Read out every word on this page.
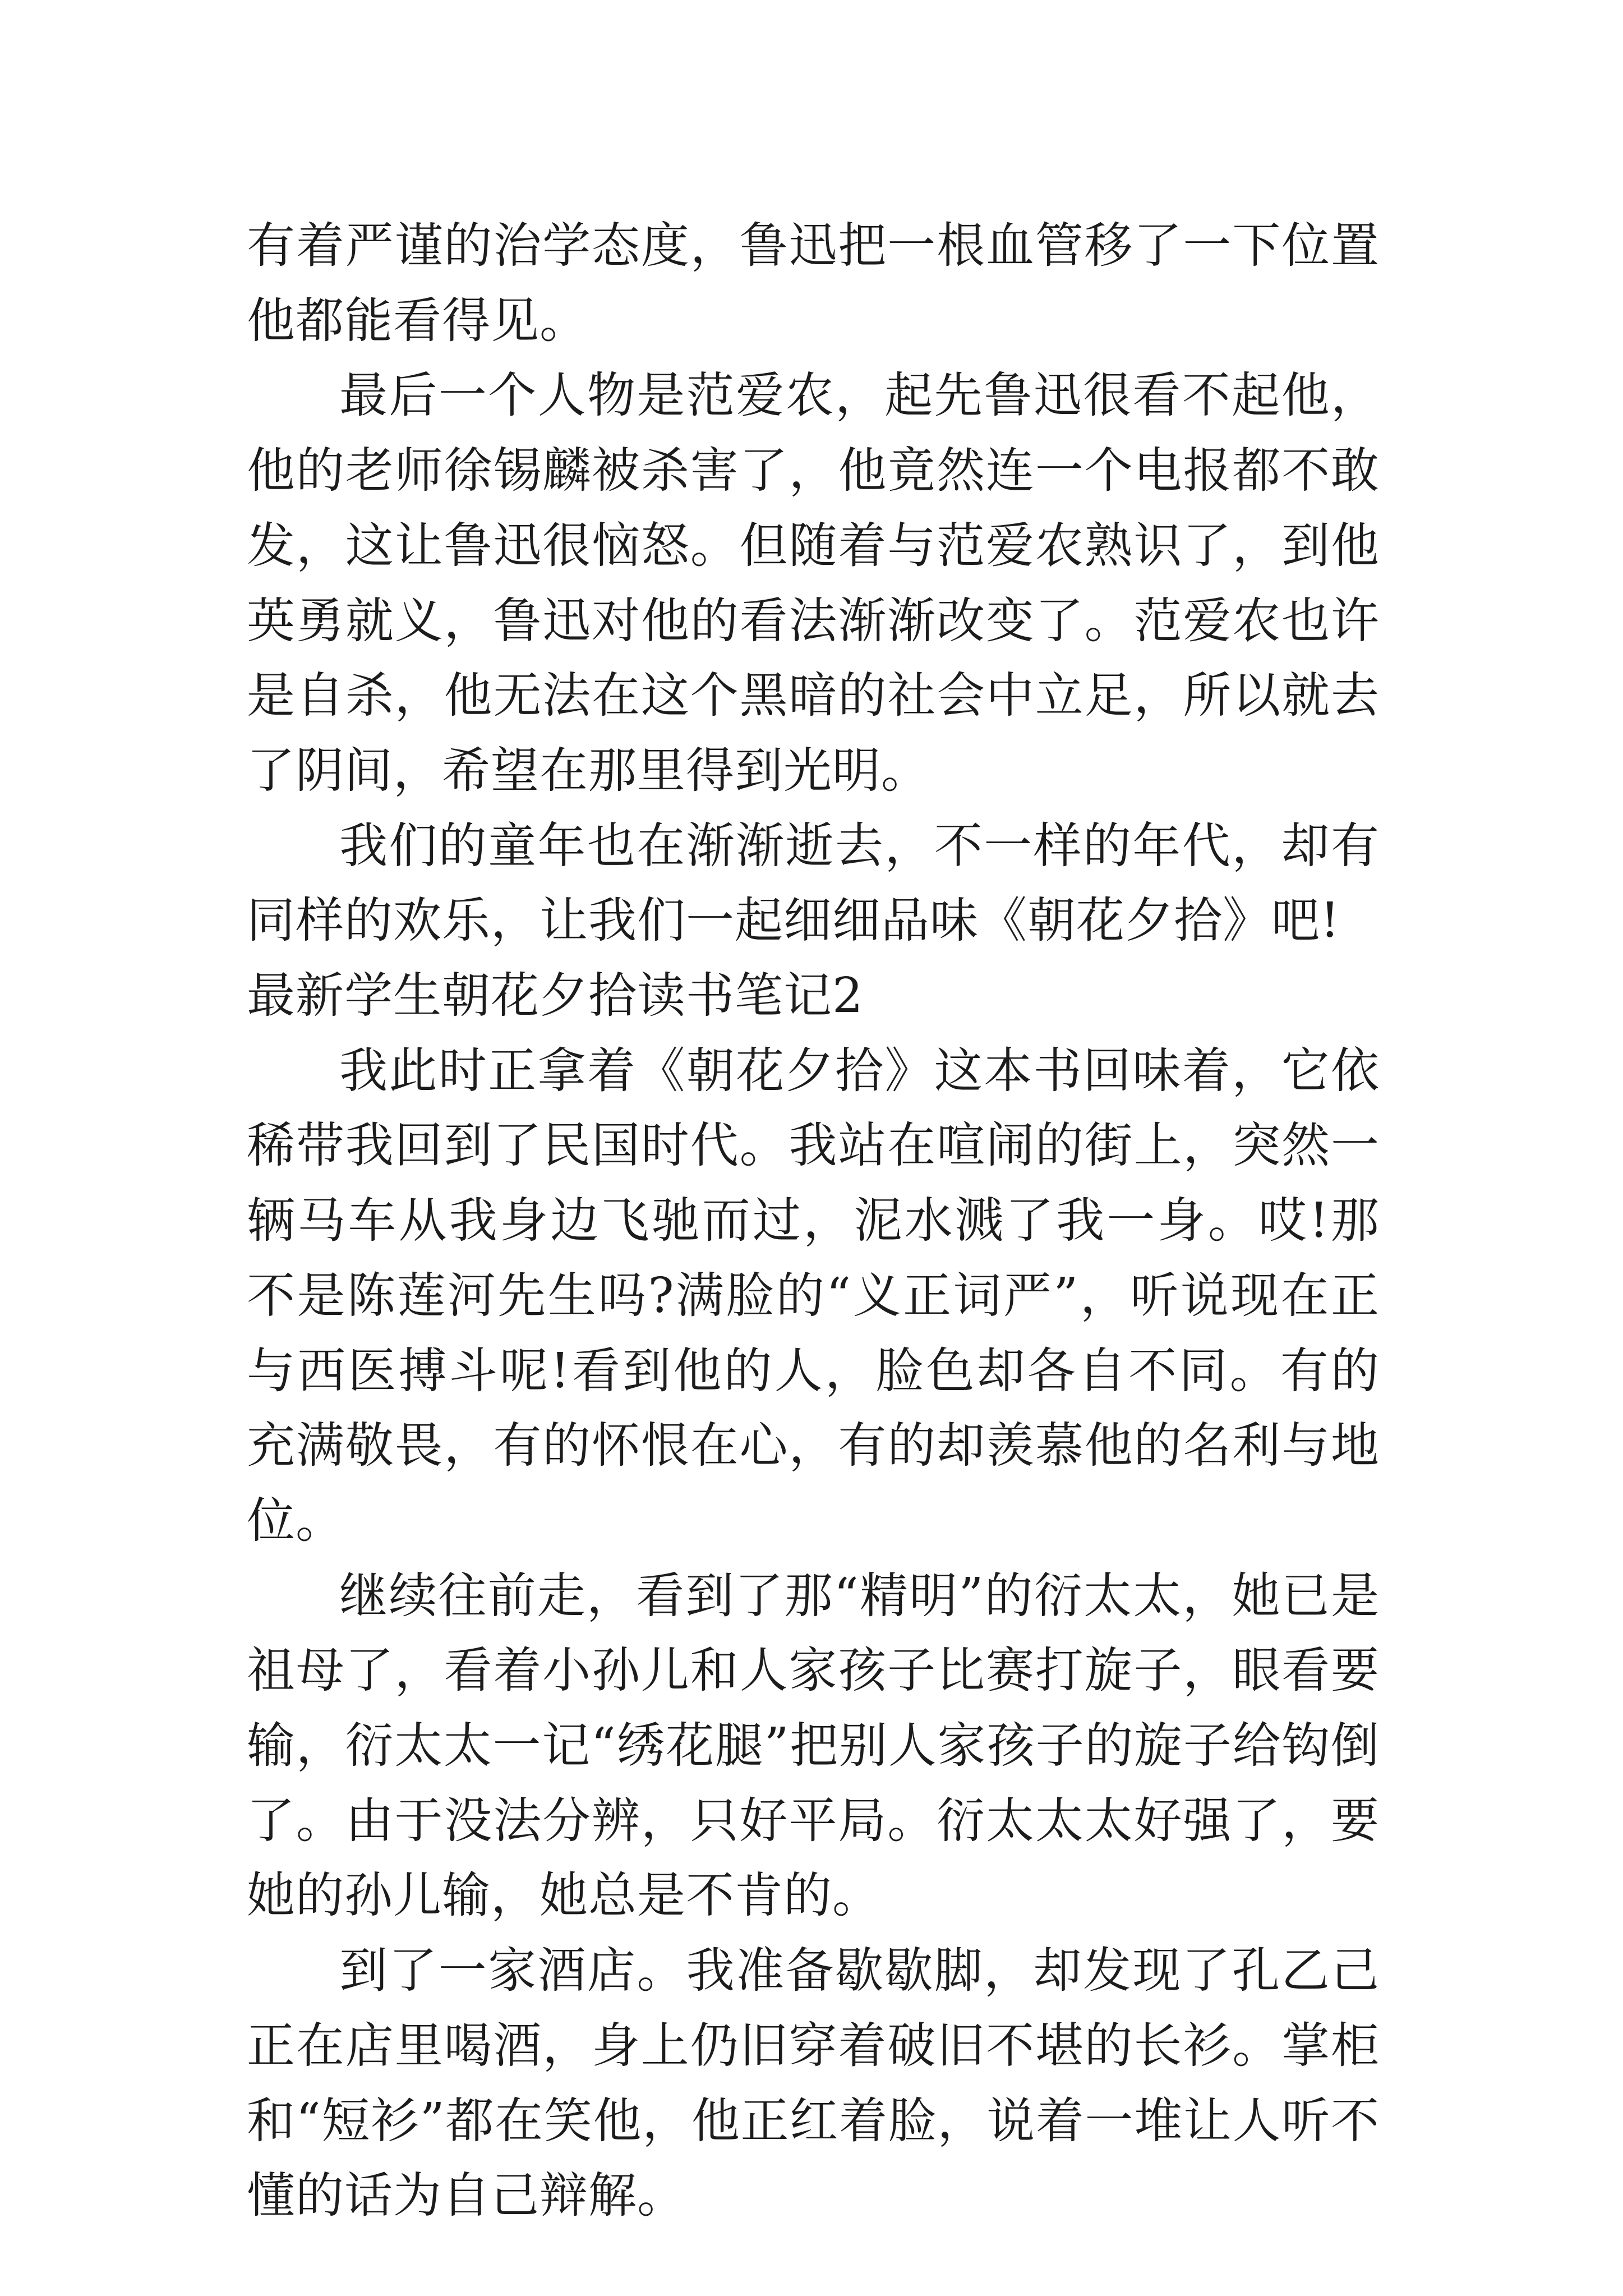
有着严谨的治学态度，鲁迅把一根血管移了一下位置他都能看得见。

最后一个人物是范爱农，起先鲁迅很看不起他，他的老师徐锡麟被杀害了，他竟然连一个电报都不敢发，这让鲁迅很恼怒。但随着与范爱农熟识了，到他英勇就义，鲁迅对他的看法渐渐改变了。范爱农也许是自杀，他无法在这个黑暗的社会中立足，所以就去了阴间，希望在那里得到光明。

我们的童年也在渐渐逝去，不一样的年代，却有同样的欢乐，让我们一起细细品味《朝花夕拾》吧!

最新学生朝花夕拾读书笔记2

我此时正拿着《朝花夕拾》这本书回味着，它依稀带我回到了民国时代。我站在喧闹的街上，突然一辆马车从我身边飞驰而过，泥水溅了我一身。哎!那不是陈莲河先生吗?满脸的“义正词严”，听说现在正与西医搏斗呢!看到他的人，脸色却各自不同。有的充满敬畏，有的怀恨在心，有的却羡慕他的名利与地位。

继续往前走，看到了那“精明”的衍太太，她已是祖母了，看着小孙儿和人家孩子比赛打旋子，眼看要输，衍太太一记“绣花腿”把别人家孩子的旋子给钩倒了。由于没法分辨，只好平局。衍太太太好强了，要她的孙儿输，她总是不肯的。

到了一家酒店。我准备歇歇脚，却发现了孔乙己正在店里喝酒，身上仍旧穿着破旧不堪的长衫。掌柜和“短衫”都在笑他，他正红着脸，说着一堆让人听不懂的话为自己辩解。
